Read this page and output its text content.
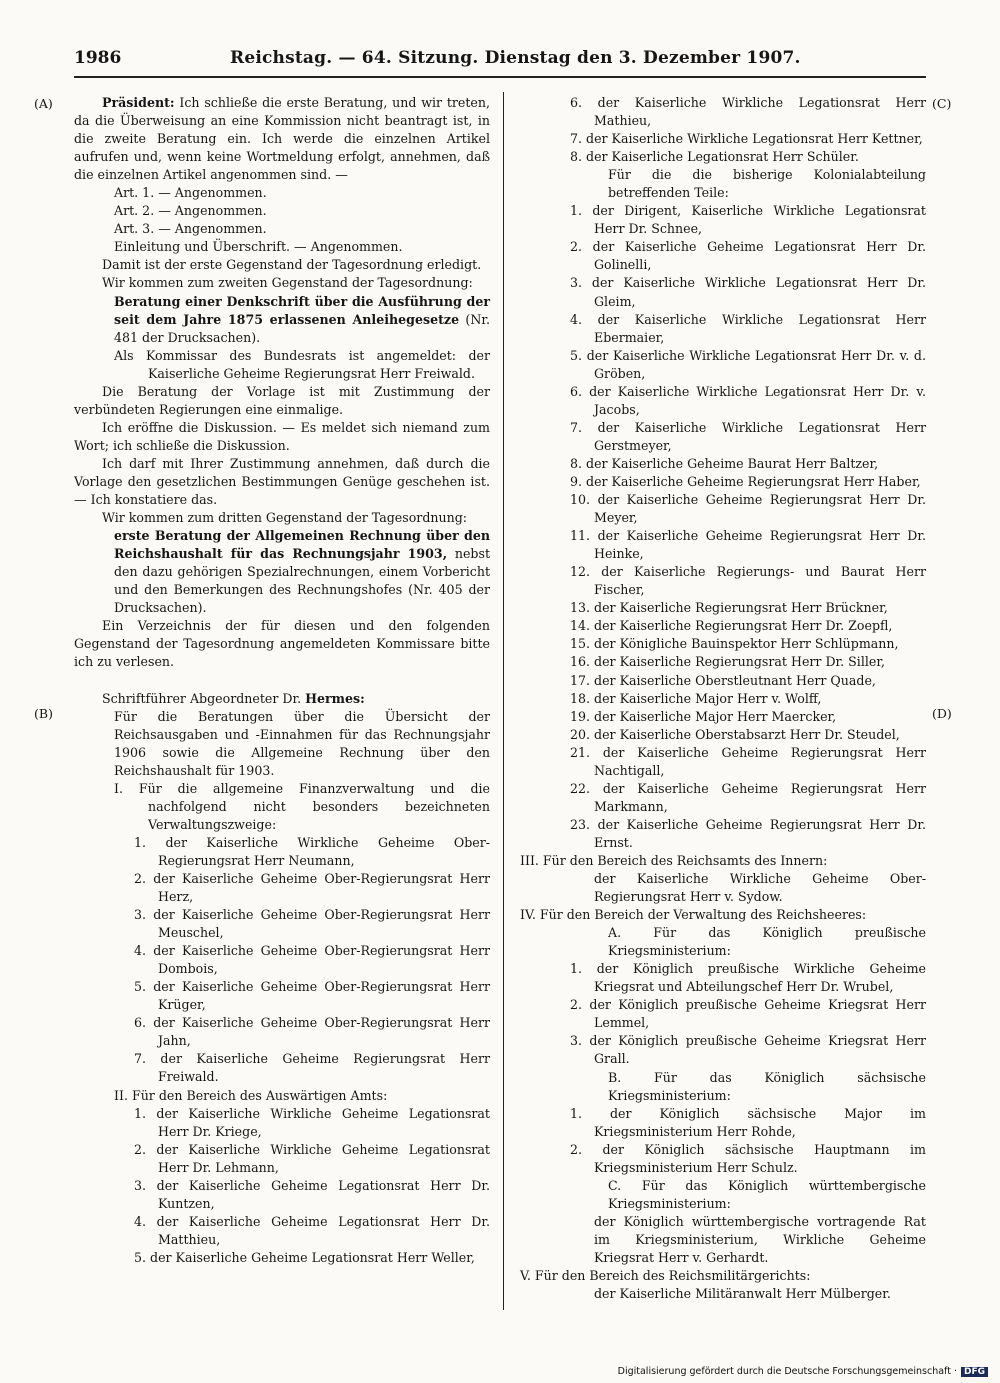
1986	Reichstag. — 64. Sitzung. Dienstag den 3. Dezember 1907.
(A)
(B)
(C)
(D)

Präsident: Ich schließe die erste Beratung, und wir treten, da die Überweisung an eine Kommission nicht beantragt ist, in die zweite Beratung ein. Ich werde die einzelnen Artikel aufrufen und, wenn keine Wortmeldung erfolgt, annehmen, daß die einzelnen Artikel angenommen sind. —

Art. 1. — Angenommen.

Art. 2. — Angenommen.

Art. 3. — Angenommen.

Einleitung und Überschrift. — Angenommen.

Damit ist der erste Gegenstand der Tagesordnung erledigt.

Wir kommen zum zweiten Gegenstand der Tagesordnung:

Beratung einer Denkschrift über die Ausführung der seit dem Jahre 1875 erlassenen Anleihegesetze (Nr. 481 der Drucksachen).

Als Kommissar des Bundesrats ist angemeldet: der Kaiserliche Geheime Regierungsrat Herr Freiwald.

Die Beratung der Vorlage ist mit Zustimmung der verbündeten Regierungen eine einmalige.

Ich eröffne die Diskussion. — Es meldet sich niemand zum Wort; ich schließe die Diskussion.

Ich darf mit Ihrer Zustimmung annehmen, daß durch die Vorlage den gesetzlichen Bestimmungen Genüge geschehen ist. — Ich konstatiere das.

Wir kommen zum dritten Gegenstand der Tagesordnung:

erste Beratung der Allgemeinen Rechnung über den Reichshaushalt für das Rechnungsjahr 1903, nebst den dazu gehörigen Spezialrechnungen, einem Vorbericht und den Bemerkungen des Rechnungshofes (Nr. 405 der Drucksachen).

Ein Verzeichnis der für diesen und den folgenden Gegenstand der Tagesordnung angemeldeten Kommissare bitte ich zu verlesen.

Schriftführer Abgeordneter Dr. Hermes:

Für die Beratungen über die Übersicht der Reichsausgaben und -Einnahmen für das Rechnungsjahr 1906 sowie die Allgemeine Rechnung über den Reichshaushalt für 1903.

I. Für die allgemeine Finanzverwaltung und die nachfolgend nicht besonders bezeichneten Verwaltungszweige:

1. der Kaiserliche Wirkliche Geheime Ober-Regierungsrat Herr Neumann,

2. der Kaiserliche Geheime Ober-Regierungsrat Herr Herz,

3. der Kaiserliche Geheime Ober-Regierungsrat Herr Meuschel,

4. der Kaiserliche Geheime Ober-Regierungsrat Herr Dombois,

5. der Kaiserliche Geheime Ober-Regierungsrat Herr Krüger,

6. der Kaiserliche Geheime Ober-Regierungsrat Herr Jahn,

7. der Kaiserliche Geheime Regierungsrat Herr Freiwald.

II. Für den Bereich des Auswärtigen Amts:

1. der Kaiserliche Wirkliche Geheime Legationsrat Herr Dr. Kriege,

2. der Kaiserliche Wirkliche Geheime Legationsrat Herr Dr. Lehmann,

3. der Kaiserliche Geheime Legationsrat Herr Dr. Kuntzen,

4. der Kaiserliche Geheime Legationsrat Herr Dr. Matthieu,

5. der Kaiserliche Geheime Legationsrat Herr Weller,

6. der Kaiserliche Wirkliche Legationsrat Herr Mathieu,

7. der Kaiserliche Wirkliche Legationsrat Herr Kettner,

8. der Kaiserliche Legationsrat Herr Schüler.

Für die die bisherige Kolonialabteilung betreffenden Teile:

1. der Dirigent, Kaiserliche Wirkliche Legationsrat Herr Dr. Schnee,

2. der Kaiserliche Geheime Legationsrat Herr Dr. Golinelli,

3. der Kaiserliche Wirkliche Legationsrat Herr Dr. Gleim,

4. der Kaiserliche Wirkliche Legationsrat Herr Ebermaier,

5. der Kaiserliche Wirkliche Legationsrat Herr Dr. v. d. Gröben,

6. der Kaiserliche Wirkliche Legationsrat Herr Dr. v. Jacobs,

7. der Kaiserliche Wirkliche Legationsrat Herr Gerstmeyer,

8. der Kaiserliche Geheime Baurat Herr Baltzer,

9. der Kaiserliche Geheime Regierungsrat Herr Haber,

10. der Kaiserliche Geheime Regierungsrat Herr Dr. Meyer,

11. der Kaiserliche Geheime Regierungsrat Herr Dr. Heinke,

12. der Kaiserliche Regierungs- und Baurat Herr Fischer,

13. der Kaiserliche Regierungsrat Herr Brückner,

14. der Kaiserliche Regierungsrat Herr Dr. Zoepfl,

15. der Königliche Bauinspektor Herr Schlüpmann,

16. der Kaiserliche Regierungsrat Herr Dr. Siller,

17. der Kaiserliche Oberstleutnant Herr Quade,

18. der Kaiserliche Major Herr v. Wolff,

19. der Kaiserliche Major Herr Maercker,

20. der Kaiserliche Oberstabsarzt Herr Dr. Steudel,

21. der Kaiserliche Geheime Regierungsrat Herr Nachtigall,

22. der Kaiserliche Geheime Regierungsrat Herr Markmann,

23. der Kaiserliche Geheime Regierungsrat Herr Dr. Ernst.

III. Für den Bereich des Reichsamts des Innern:

der Kaiserliche Wirkliche Geheime Ober-Regierungsrat Herr v. Sydow.

IV. Für den Bereich der Verwaltung des Reichsheeres:

A. Für das Königlich preußische Kriegsministerium:

1. der Königlich preußische Wirkliche Geheime Kriegsrat und Abteilungschef Herr Dr. Wrubel,

2. der Königlich preußische Geheime Kriegsrat Herr Lemmel,

3. der Königlich preußische Geheime Kriegsrat Herr Grall.

B. Für das Königlich sächsische Kriegsministerium:

1. der Königlich sächsische Major im Kriegsministerium Herr Rohde,

2. der Königlich sächsische Hauptmann im Kriegsministerium Herr Schulz.

C. Für das Königlich württembergische Kriegsministerium:

der Königlich württembergische vortragende Rat im Kriegsministerium, Wirkliche Geheime Kriegsrat Herr v. Gerhardt.

V. Für den Bereich des Reichsmilitärgerichts:

der Kaiserliche Militäranwalt Herr Mülberger.

Digitalisierung gefördert durch die Deutsche Forschungsgemeinschaft · DFG
